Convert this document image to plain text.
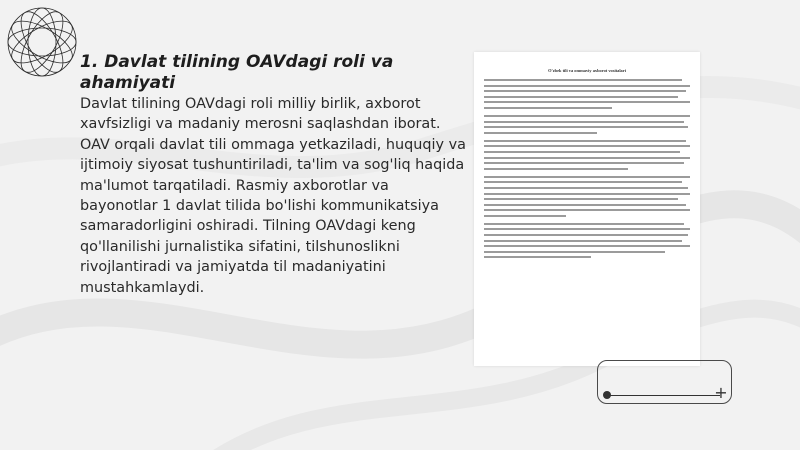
1. Davlat tilining OAVdagi roli va ahamiyati

Davlat tilining OAVdagi roli milliy birlik, axborot xavfsizligi va madaniy merosni saqlashdan iborat. OAV orqali davlat tili ommaga yetkaziladi, huquqiy va ijtimoiy siyosat tushuntiriladi, ta'lim va sog'liq haqida ma'lumot tarqatiladi. Rasmiy axborotlar va bayonotlar 1 davlat tilida bo'lishi kommunikatsiya samaradorligini oshiradi. Tilning OAVdagi keng qo'llanilishi jurnalistika sifatini, tilshunoslikni rivojlantiradi va jamiyatda til madaniyatini mustahkamlaydi.

O'zbek tili va ommaviy axborot vositalari
+
